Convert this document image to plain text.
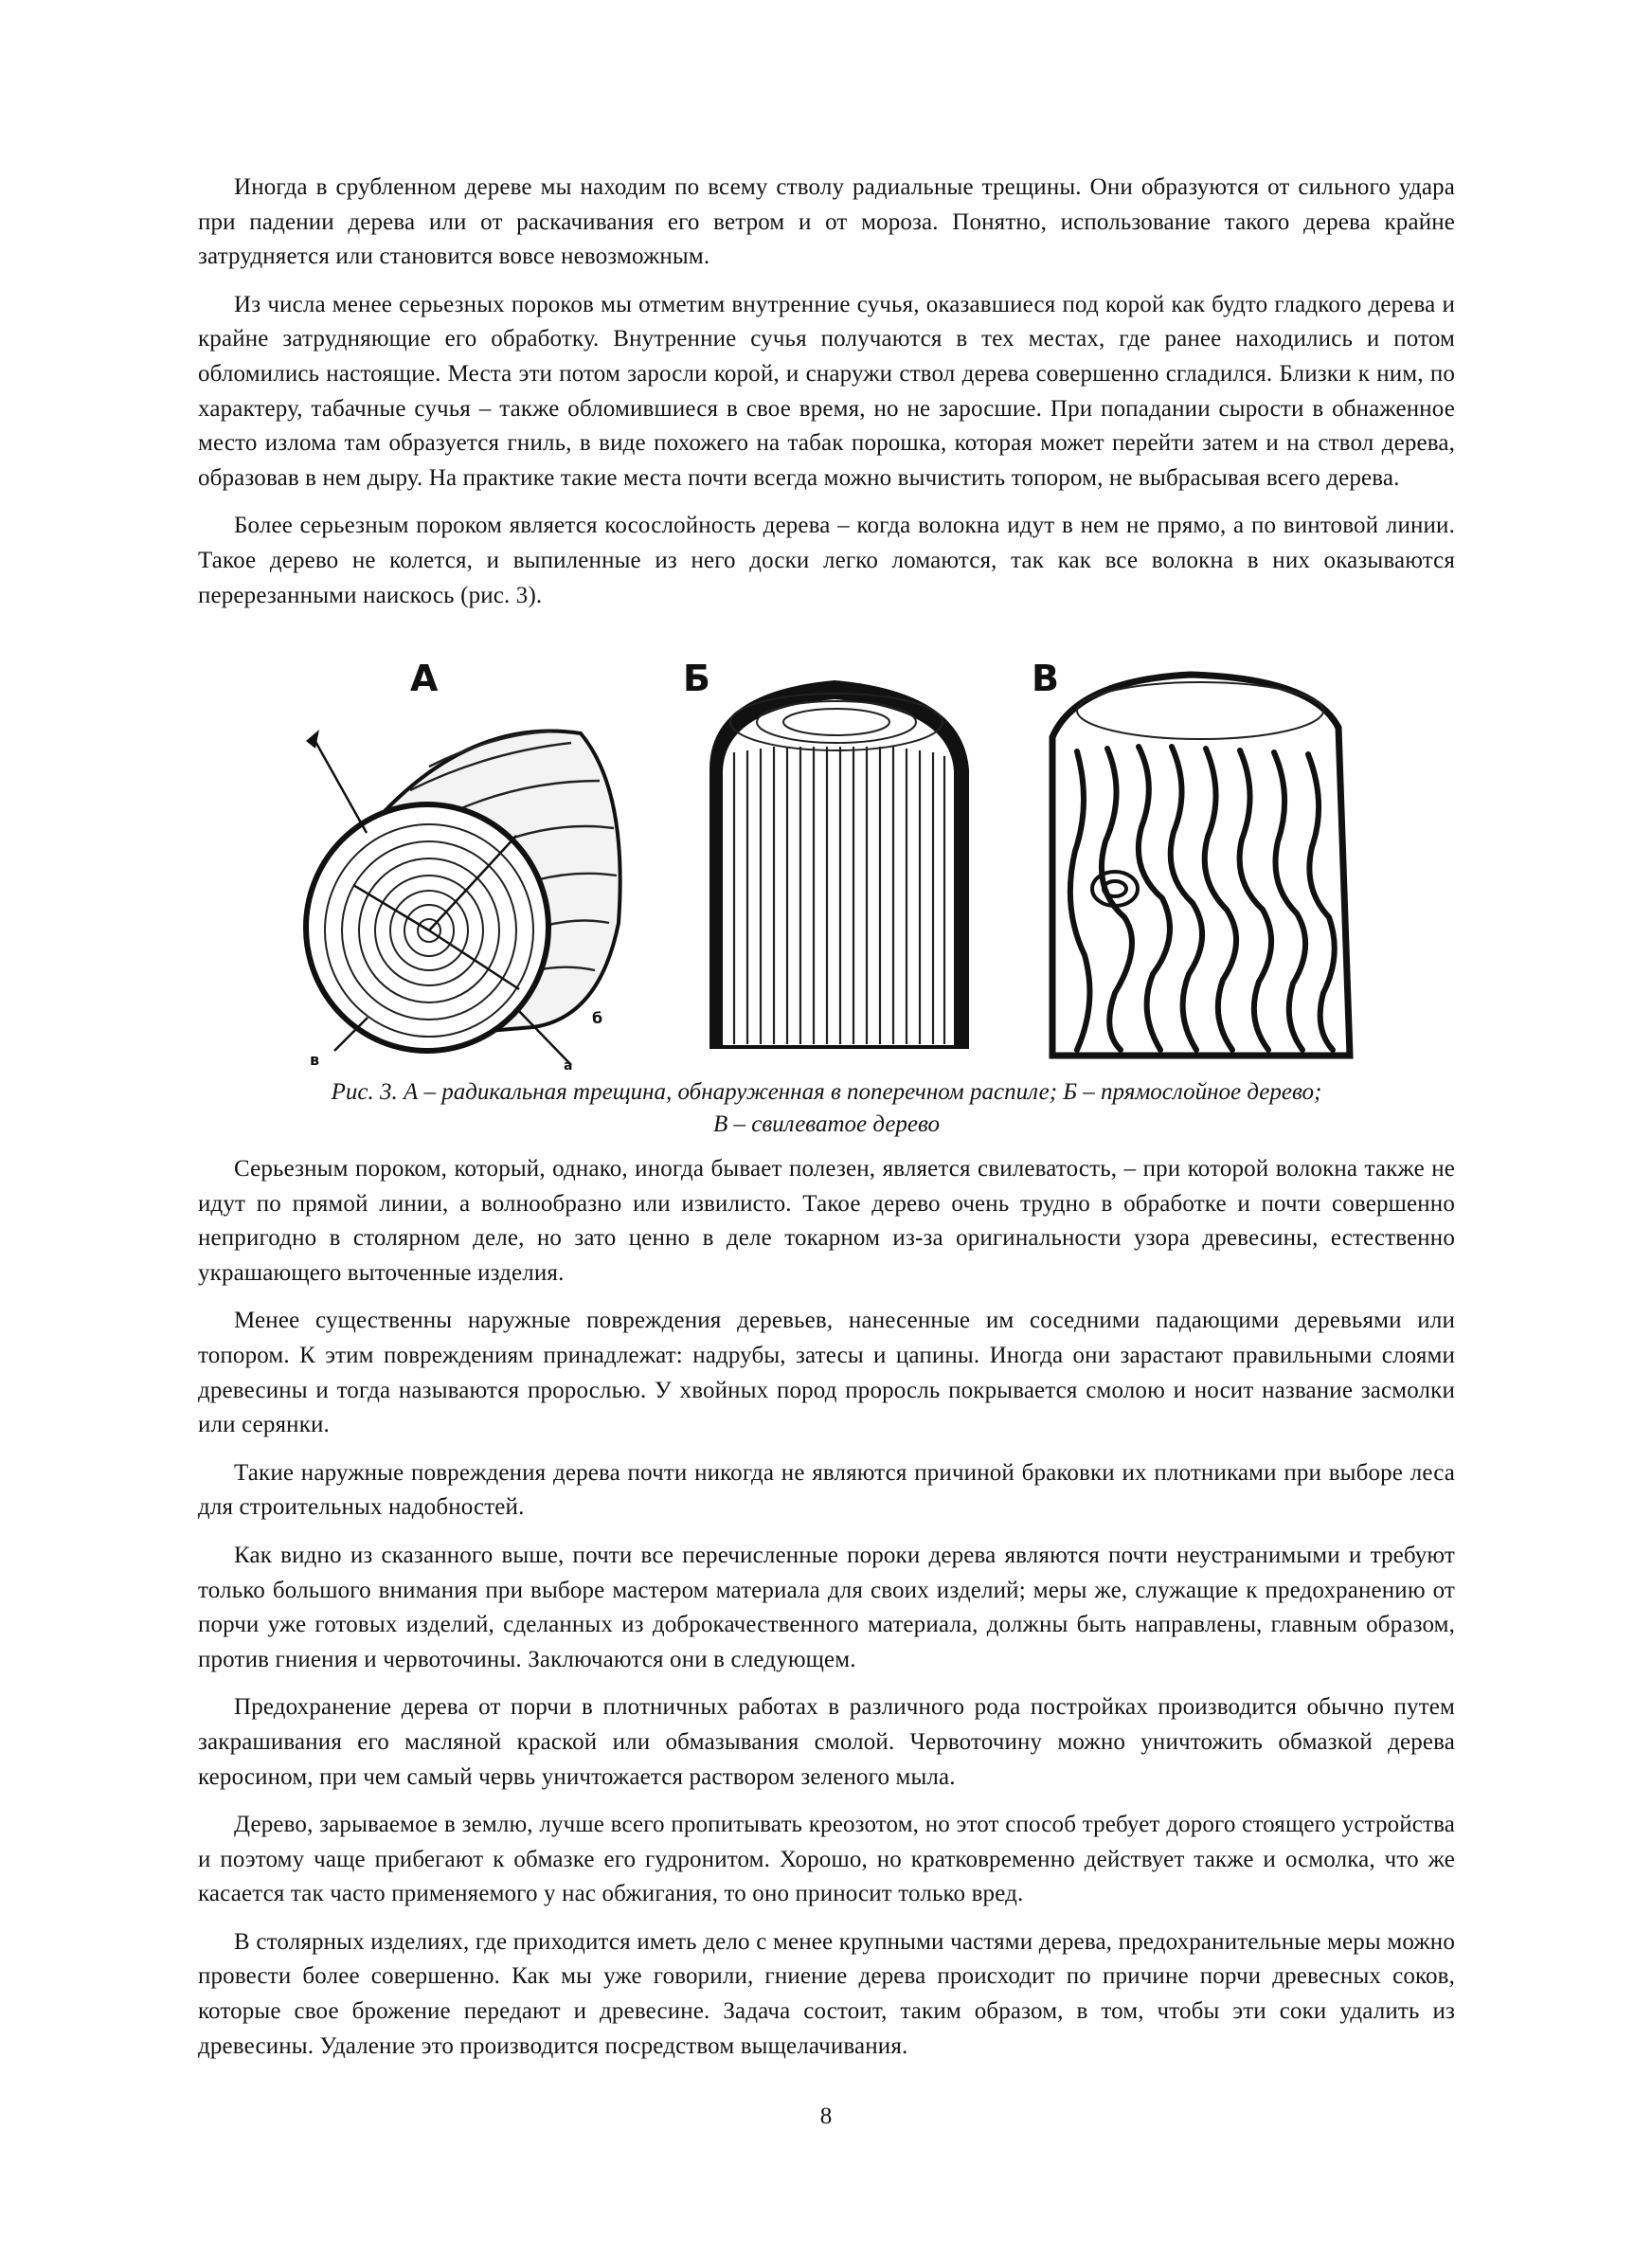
Иногда в срубленном дереве мы находим по всему стволу радиальные трещины. Они образуются от сильного удара при падении дерева или от раскачивания его ветром и от мороза. Понятно, использование такого дерева крайне затрудняется или становится вовсе невозможным.

Из числа менее серьезных пороков мы отметим внутренние сучья, оказавшиеся под корой как будто гладкого дерева и крайне затрудняющие его обработку. Внутренние сучья получаются в тех местах, где ранее находились и потом обломились настоящие. Места эти потом заросли корой, и снаружи ствол дерева совершенно сгладился. Близки к ним, по характеру, табачные сучья – также обломившиеся в свое время, но не заросшие. При попадании сырости в обнаженное место излома там образуется гниль, в виде похожего на табак порошка, которая может перейти затем и на ствол дерева, образовав в нем дыру. На практике такие места почти всегда можно вычистить топором, не выбрасывая всего дерева.

Более серьезным пороком является косослойность дерева – когда волокна идут в нем не прямо, а по винтовой линии. Такое дерево не колется, и выпиленные из него доски легко ломаются, так как все волокна в них оказываются перерезанными наискось (рис. 3).

А
б
в	а
Б	В
Рис. 3. А – радикальная трещина, обнаруженная в поперечном распиле; Б – прямослойное дерево;
В – свилеватое дерево

Серьезным пороком, который, однако, иногда бывает полезен, является свилеватость, – при которой волокна также не идут по прямой линии, а волнообразно или извилисто. Такое дерево очень трудно в обработке и почти совершенно непригодно в столярном деле, но зато ценно в деле токарном из-за оригинальности узора древесины, естественно украшающего выточенные изделия.

Менее существенны наружные повреждения деревьев, нанесенные им соседними падающими деревьями или топором. К этим повреждениям принадлежат: надрубы, затесы и цапины. Иногда они зарастают правильными слоями древесины и тогда называются пророслью. У хвойных пород проросль покрывается смолою и носит название засмолки или серянки.

Такие наружные повреждения дерева почти никогда не являются причиной браковки их плотниками при выборе леса для строительных надобностей.

Как видно из сказанного выше, почти все перечисленные пороки дерева являются почти неустранимыми и требуют только большого внимания при выборе мастером материала для своих изделий; меры же, служащие к предохранению от порчи уже готовых изделий, сделанных из доброкачественного материала, должны быть направлены, главным образом, против гниения и червоточины. Заключаются они в следующем.

Предохранение дерева от порчи в плотничных работах в различного рода постройках производится обычно путем закрашивания его масляной краской или обмазывания смолой. Червоточину можно уничтожить обмазкой дерева керосином, при чем самый червь уничтожается раствором зеленого мыла.

Дерево, зарываемое в землю, лучше всего пропитывать креозотом, но этот способ требует дорого стоящего устройства и поэтому чаще прибегают к обмазке его гудронитом. Хорошо, но кратковременно действует также и осмолка, что же касается так часто применяемого у нас обжигания, то оно приносит только вред.

В столярных изделиях, где приходится иметь дело с менее крупными частями дерева, предохранительные меры можно провести более совершенно. Как мы уже говорили, гниение дерева происходит по причине порчи древесных соков, которые свое брожение передают и древесине. Задача состоит, таким образом, в том, чтобы эти соки удалить из древесины. Удаление это производится посредством выщелачивания.

8
